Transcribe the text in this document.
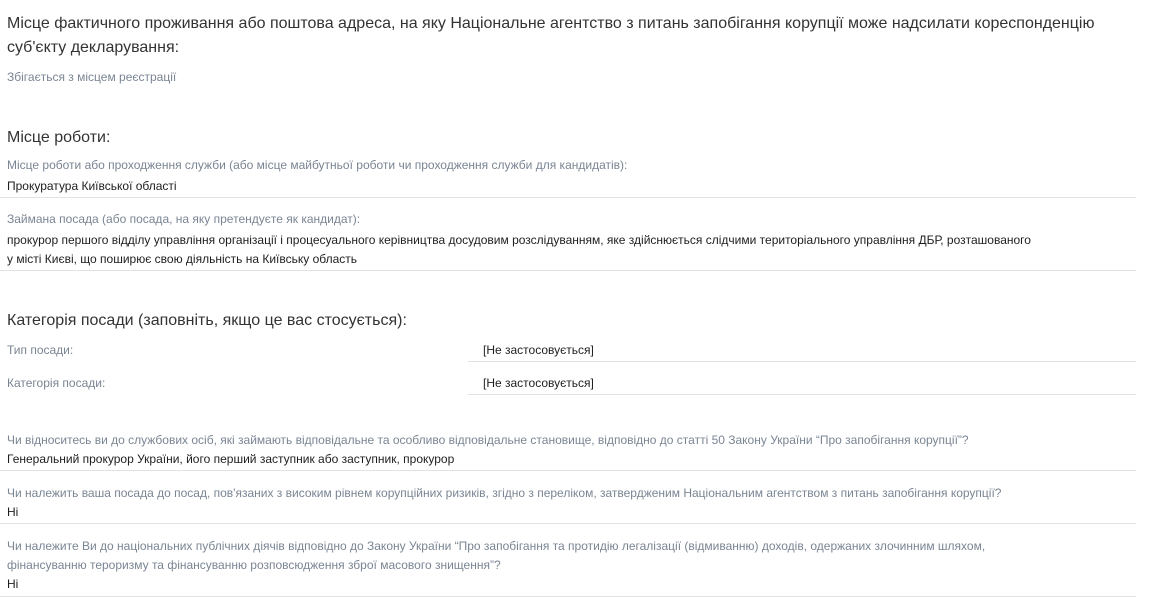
Місце фактичного проживання або поштова адреса, на яку Національне агентство з питань запобігання корупції може надсилати кореспонденцію
суб'єкту декларування:
Збігається з місцем реєстрації
Місце роботи:
Місце роботи або проходження служби (або місце майбутньої роботи чи проходження служби для кандидатів):
Прокуратура Київської області
Займана посада (або посада, на яку претендуєте як кандидат):
прокурор першого відділу управління організації і процесуального керівництва досудовим розслідуванням, яке здійснюється слідчими територіального управління ДБР, розташованого
у місті Києві, що поширює свою діяльність на Київську область
Категорія посади (заповніть, якщо це вас стосується):
Тип посади:	[Не застосовується]
Категорія посади:	[Не застосовується]
Чи відноситесь ви до службових осіб, які займають відповідальне та особливо відповідальне становище, відповідно до статті 50 Закону України “Про запобігання корупції”?
Генеральний прокурор України, його перший заступник або заступник, прокурор
Чи належить ваша посада до посад, пов'язаних з високим рівнем корупційних ризиків, згідно з переліком, затвердженим Національним агентством з питань запобігання корупції?
Ні
Чи належите Ви до національних публічних діячів відповідно до Закону України “Про запобігання та протидію легалізації (відмиванню) доходів, одержаних злочинним шляхом,
фінансуванню тероризму та фінансуванню розповсюдження зброї масового знищення”?
Ні
